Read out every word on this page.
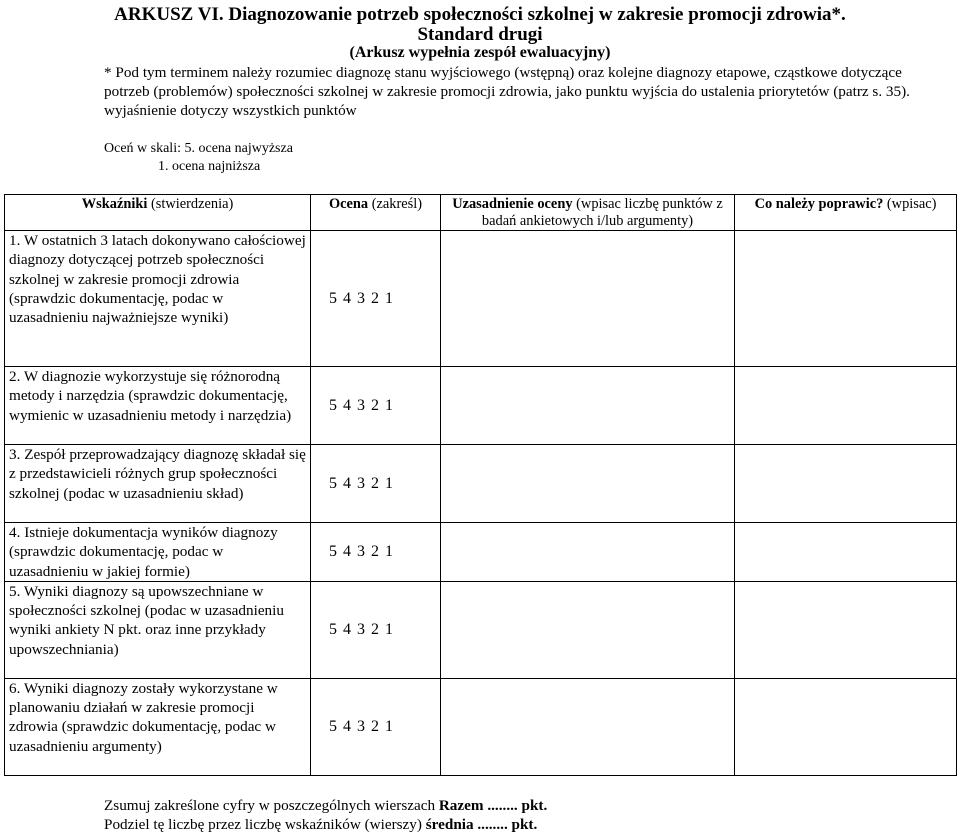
ARKUSZ VI. Diagnozowanie potrzeb społeczności szkolnej w zakresie promocji zdrowia*.
Standard drugi
(Arkusz wypełnia zespół ewaluacyjny)
* Pod tym terminem należy rozumiec diagnozę stanu wyjściowego (wstępną) oraz kolejne diagnozy etapowe, cząstkowe dotyczące potrzeb (problemów) społeczności szkolnej w zakresie promocji zdrowia, jako punktu wyjścia do ustalenia priorytetów (patrz s. 35). wyjaśnienie dotyczy wszystkich punktów
Oceń w skali: 5. ocena najwyższa
1. ocena najniższa
Wskaźniki (stwierdzenia)	Ocena (zakreśl)	Uzasadnienie oceny (wpisac liczbę punktów z badań ankietowych i/lub argumenty)	Co należy poprawic? (wpisac)
1. W ostatnich 3 latach dokonywano całościowej diagnozy dotyczącej potrzeb społeczności szkolnej w zakresie promocji zdrowia (sprawdzic dokumentację, podac w uzasadnieniu najważniejsze wyniki)	5 4 3 2 1		
2. W diagnozie wykorzystuje się różnorodną metody i narzędzia (sprawdzic dokumentację, wymienic w uzasadnieniu metody i narzędzia)	5 4 3 2 1		
3. Zespół przeprowadzający diagnozę składał się z przedstawicieli różnych grup społeczności szkolnej (podac w uzasadnieniu skład)	5 4 3 2 1		
4. Istnieje dokumentacja wyników diagnozy (sprawdzic dokumentację, podac w uzasadnieniu w jakiej formie)	5 4 3 2 1		
5. Wyniki diagnozy są upowszechniane w społeczności szkolnej (podac w uzasadnieniu wyniki ankiety N pkt. oraz inne przykłady upowszechniania)	5 4 3 2 1		
6. Wyniki diagnozy zostały wykorzystane w planowaniu działań w zakresie promocji zdrowia (sprawdzic dokumentację, podac w uzasadnieniu argumenty)	5 4 3 2 1		
Zsumuj zakreślone cyfry w poszczególnych wierszach Razem ........ pkt.
Podziel tę liczbę przez liczbę wskaźników (wierszy) średnia ........ pkt.
